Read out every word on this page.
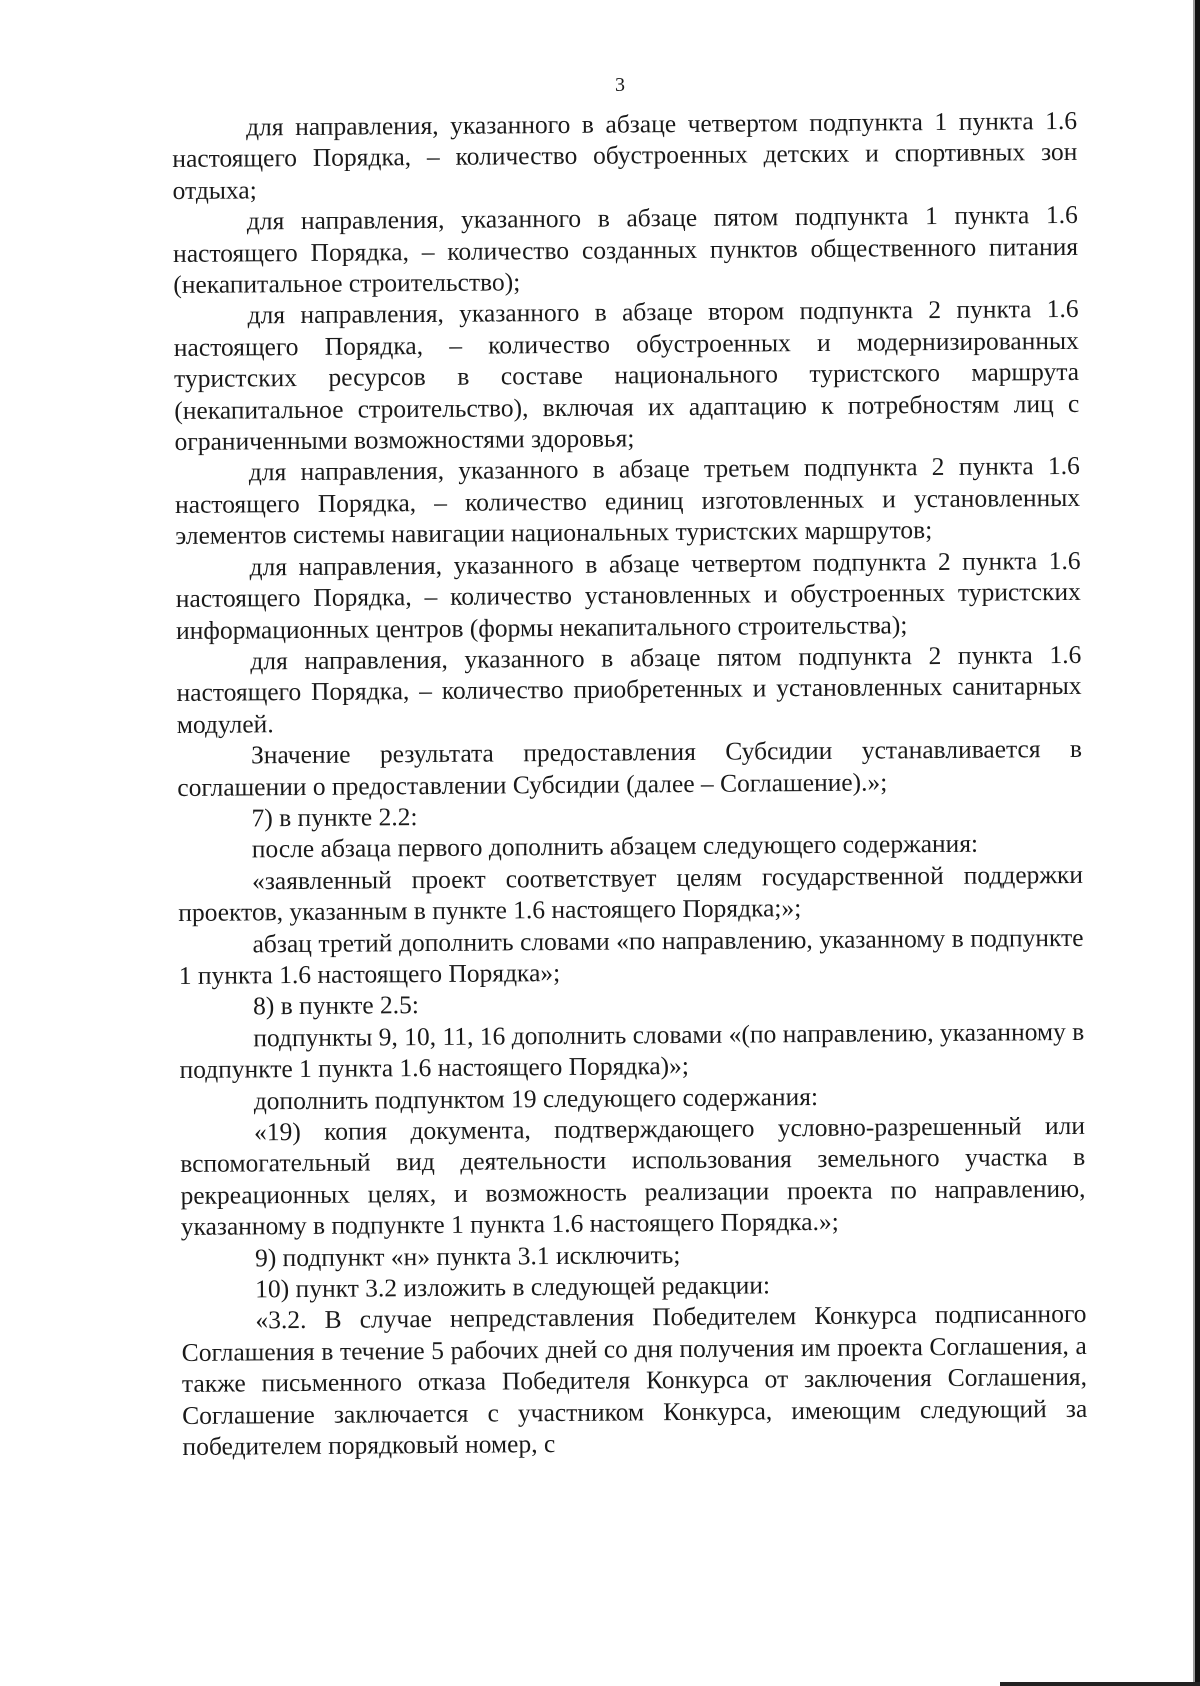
3

для направления, указанного в абзаце четвертом подпункта 1 пункта 1.6 настоящего Порядка, – количество обустроенных детских и спортивных зон отдыха;

для направления, указанного в абзаце пятом подпункта 1 пункта 1.6 настоящего Порядка, – количество созданных пунктов общественного питания (некапитальное строительство);

для направления, указанного в абзаце втором подпункта 2 пункта 1.6 настоящего Порядка, – количество обустроенных и модернизированных туристских ресурсов в составе национального туристского маршрута (некапитальное строительство), включая их адаптацию к потребностям лиц с ограниченными возможностями здоровья;

для направления, указанного в абзаце третьем подпункта 2 пункта 1.6 настоящего Порядка, – количество единиц изготовленных и установленных элементов системы навигации национальных туристских маршрутов;

для направления, указанного в абзаце четвертом подпункта 2 пункта 1.6 настоящего Порядка, – количество установленных и обустроенных туристских информационных центров (формы некапитального строительства);

для направления, указанного в абзаце пятом подпункта 2 пункта 1.6 настоящего Порядка, – количество приобретенных и установленных санитарных модулей.

Значение результата предоставления Субсидии устанавливается в соглашении о предоставлении Субсидии (далее – Соглашение).»;

7) в пункте 2.2:

после абзаца первого дополнить абзацем следующего содержания:

«заявленный проект соответствует целям государственной поддержки проектов, указанным в пункте 1.6 настоящего Порядка;»;

абзац третий дополнить словами «по направлению, указанному в подпункте 1 пункта 1.6 настоящего Порядка»;

8) в пункте 2.5:

подпункты 9, 10, 11, 16 дополнить словами «(по направлению, указанному в подпункте 1 пункта 1.6 настоящего Порядка)»;

дополнить подпунктом 19 следующего содержания:

«19) копия документа, подтверждающего условно-разрешенный или вспомогательный вид деятельности использования земельного участка в рекреационных целях, и возможность реализации проекта по направлению, указанному в подпункте 1 пункта 1.6 настоящего Порядка.»;

9) подпункт «н» пункта 3.1 исключить;

10) пункт 3.2 изложить в следующей редакции:

«3.2. В случае непредставления Победителем Конкурса подписанного Соглашения в течение 5 рабочих дней со дня получения им проекта Соглашения, а также письменного отказа Победителя Конкурса от заключения Соглашения, Соглашение заключается с участником Конкурса, имеющим следующий за победителем порядковый номер, с
